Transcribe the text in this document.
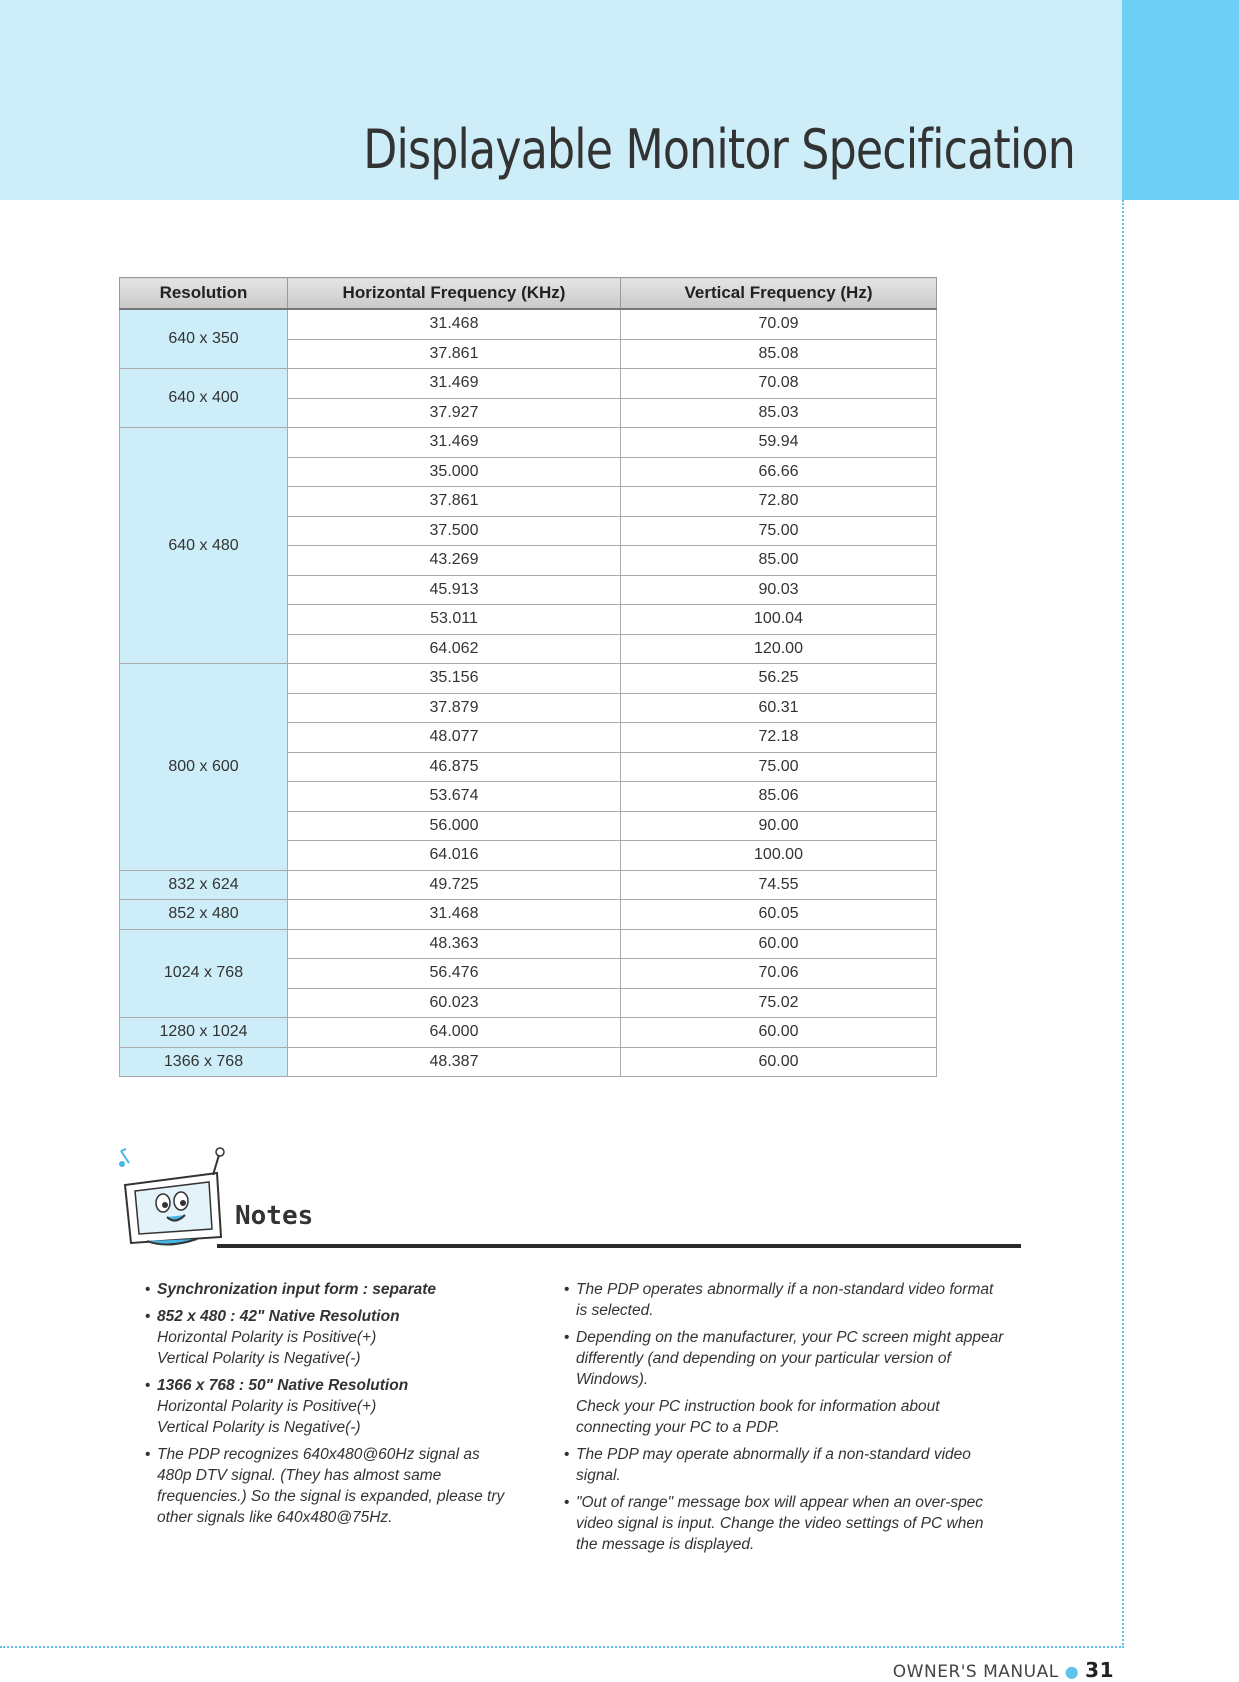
Displayable Monitor Specification
Resolution	Horizontal Frequency (KHz)	Vertical Frequency (Hz)
640 x 350	31.468	70.09
	37.861	85.08
640 x 400	31.469	70.08
	37.927	85.03
640 x 480	31.469	59.94
	35.000	66.66
	37.861	72.80
	37.500	75.00
	43.269	85.00
	45.913	90.03
	53.011	100.04
	64.062	120.00
800 x 600	35.156	56.25
	37.879	60.31
	48.077	72.18
	46.875	75.00
	53.674	85.06
	56.000	90.00
	64.016	100.00
832 x 624	49.725	74.55
852 x 480	31.468	60.05
1024 x 768	48.363	60.00
	56.476	70.06
	60.023	75.02
1280 x 1024	64.000	60.00
1366 x 768	48.387	60.00
Notes
• Synchronization input form : separate
• 852 x 480 : 42" Native Resolution
Horizontal Polarity is Positive(+)
Vertical Polarity is Negative(-)
• 1366 x 768 : 50" Native Resolution
Horizontal Polarity is Positive(+)
Vertical Polarity is Negative(-)
• The PDP recognizes 640x480@60Hz signal as 480p DTV signal. (They has almost same frequencies.) So the signal is expanded, please try other signals like 640x480@75Hz.
• The PDP operates abnormally if a non-standard video format is selected.
• Depending on the manufacturer, your PC screen might appear differently (and depending on your particular version of Windows).
Check your PC instruction book for information about connecting your PC to a PDP.
• The PDP may operate abnormally if a non-standard video signal.
• "Out of range" message box will appear when an over-spec video signal is input. Change the video settings of PC when the message is displayed.
OWNER'S MANUAL ● 31
